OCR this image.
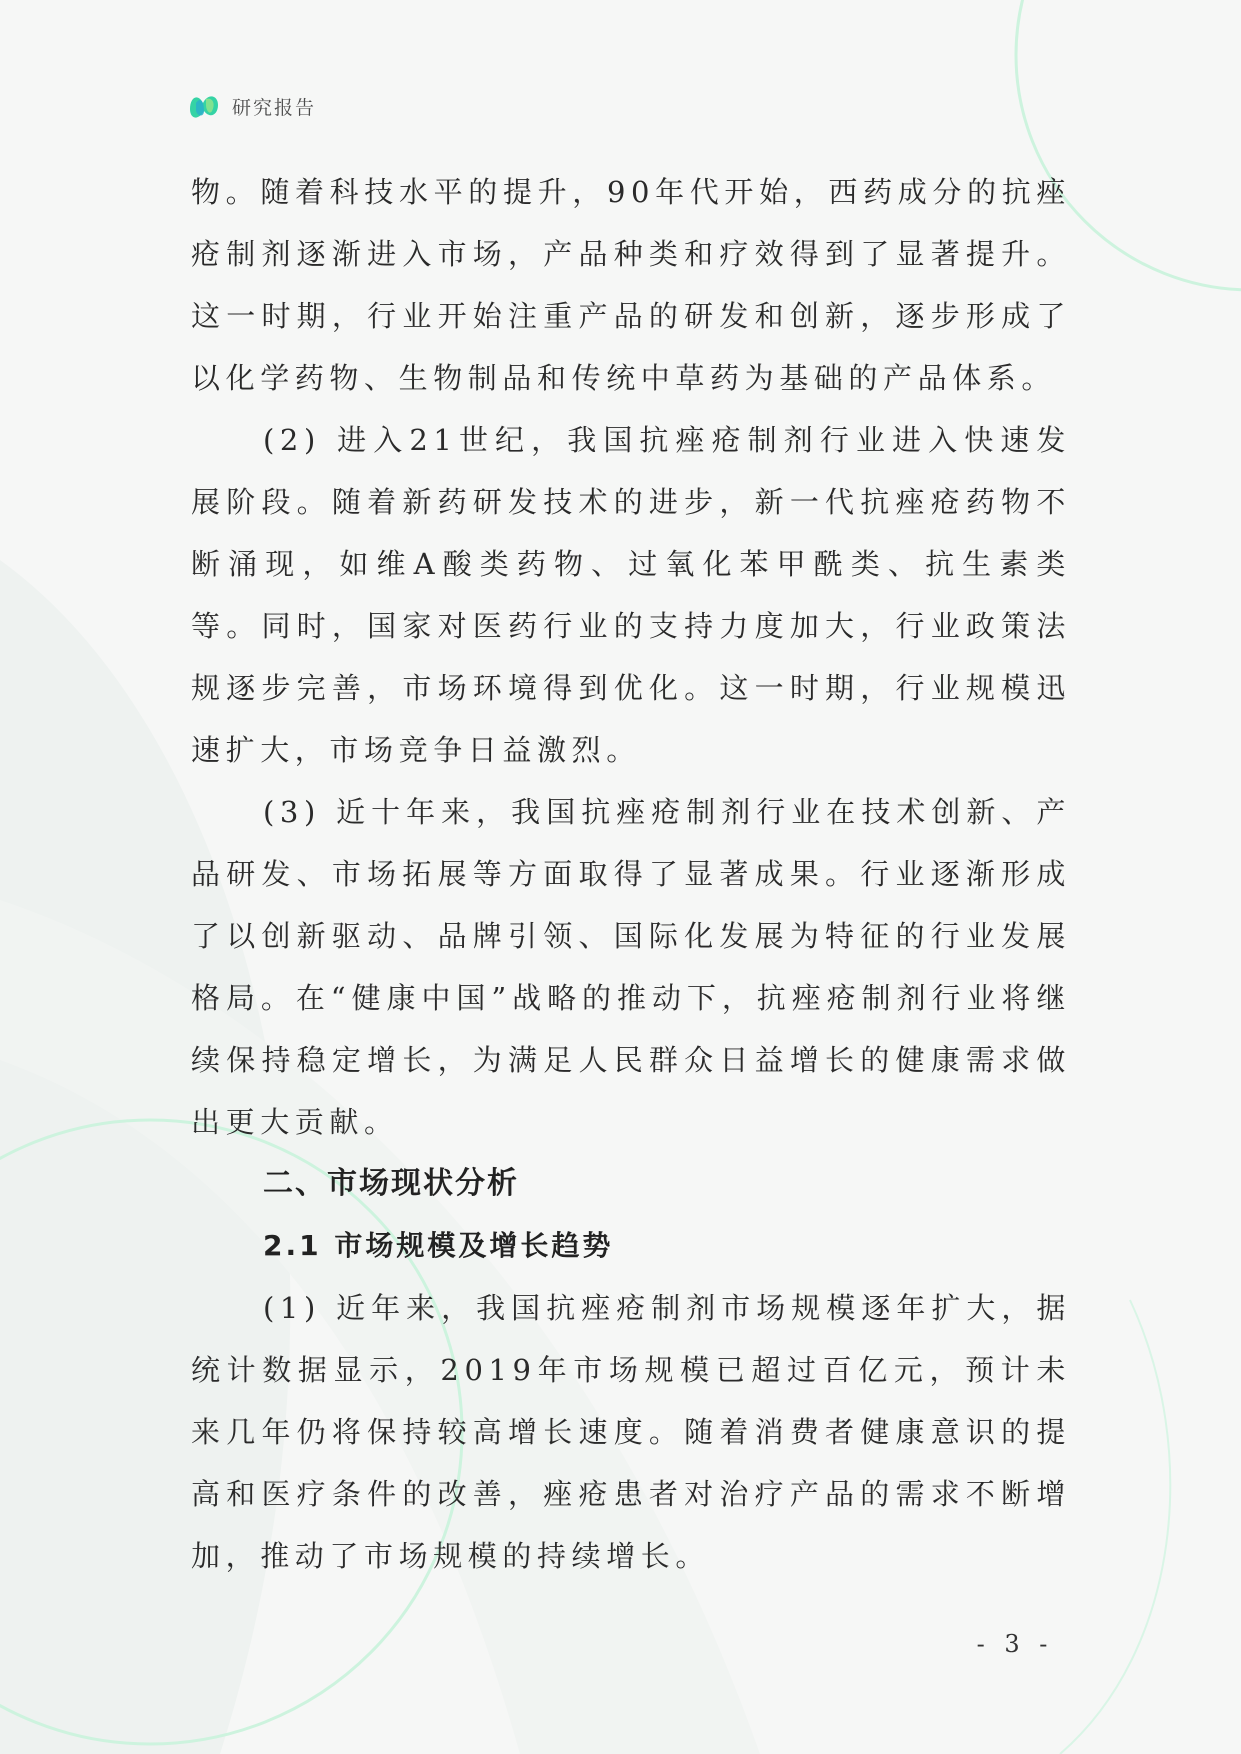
研究报告

物。随着科技水平的提升，90年代开始，西药成分的抗痤疮制剂逐渐进入市场，产品种类和疗效得到了显著提升。这一时期，行业开始注重产品的研发和创新，逐步形成了以化学药物、生物制品和传统中草药为基础的产品体系。

(2) 进入21世纪，我国抗痤疮制剂行业进入快速发展阶段。随着新药研发技术的进步，新一代抗痤疮药物不断涌现，如维A酸类药物、过氧化苯甲酰类、抗生素类等。同时，国家对医药行业的支持力度加大，行业政策法规逐步完善，市场环境得到优化。这一时期，行业规模迅速扩大，市场竞争日益激烈。

(3) 近十年来，我国抗痤疮制剂行业在技术创新、产品研发、市场拓展等方面取得了显著成果。行业逐渐形成了以创新驱动、品牌引领、国际化发展为特征的行业发展格局。在“健康中国”战略的推动下，抗痤疮制剂行业将继续保持稳定增长，为满足人民群众日益增长的健康需求做出更大贡献。

二、市场现状分析
2.1 市场规模及增长趋势

(1) 近年来，我国抗痤疮制剂市场规模逐年扩大，据统计数据显示，2019年市场规模已超过百亿元，预计未来几年仍将保持较高增长速度。随着消费者健康意识的提高和医疗条件的改善，痤疮患者对治疗产品的需求不断增加，推动了市场规模的持续增长。

- 3 -
